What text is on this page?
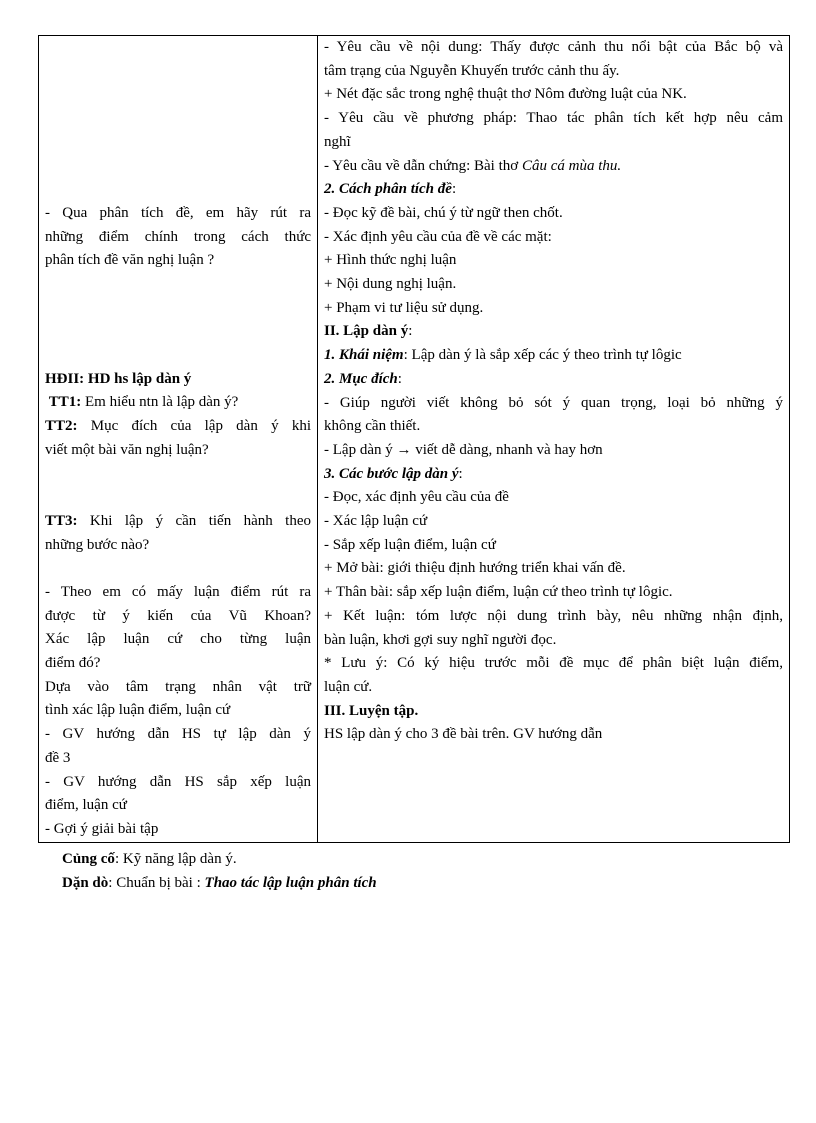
- Qua phân tích đề, em hãy rút ra
những điểm chính trong cách thức
phân tích đề văn nghị luận ?
HĐII: HD hs lập dàn ý
TT1: Em hiểu ntn là lập dàn ý?
TT2: Mục đích của lập dàn ý khi
viết một bài văn nghị luận?
TT3: Khi lập ý cần tiến hành theo
những bước nào?
- Theo em có mấy luận điểm rút ra
được từ ý kiến của Vũ Khoan?
Xác lập luận cứ cho từng luận
điểm đó?
Dựa vào tâm trạng nhân vật trữ
tình xác lập luận điểm, luận cứ
- GV hướng dẫn HS tự lập dàn ý
đề 3
- GV hướng dẫn HS sắp xếp luận
điểm, luận cứ
- Gợi ý giải bài tập

- Yêu cầu về nội dung: Thấy được cảnh thu nổi bật của Bắc bộ và
tâm trạng của Nguyễn Khuyến trước cảnh thu ấy.
+ Nét đặc sắc trong nghệ thuật thơ Nôm đường luật của NK.
- Yêu cầu về phương pháp: Thao tác phân tích kết hợp nêu cảm
nghĩ
- Yêu cầu về dẫn chứng: Bài thơ Câu cá mùa thu.
2. Cách phân tích đề:
- Đọc kỹ đề bài, chú ý từ ngữ then chốt.
- Xác định yêu cầu của đề về các mặt:
+ Hình thức nghị luận
+ Nội dung nghị luận.
+ Phạm vi tư liệu sử dụng.
II. Lập dàn ý:
1. Khái niệm: Lập dàn ý là sắp xếp các ý theo trình tự lôgic
2. Mục đích:
- Giúp người viết không bỏ sót ý quan trọng, loại bỏ những ý
không cần thiết.
- Lập dàn ý → viết dễ dàng, nhanh và hay hơn
3. Các bước lập dàn ý:
- Đọc, xác định yêu cầu của đề
- Xác lập luận cứ
- Sắp xếp luận điểm, luận cứ
+ Mở bài: giới thiệu định hướng triển khai vấn đề.
+ Thân bài: sắp xếp luận điểm, luận cứ theo trình tự lôgic.
+ Kết luận: tóm lược nội dung trình bày, nêu những nhận định,
bàn luận, khơi gợi suy nghĩ người đọc.
* Lưu ý: Có ký hiệu trước mỗi đề mục để phân biệt luận điểm,
luận cứ.
III. Luyện tập.
HS lập dàn ý cho 3 đề bài trên. GV hướng dẫn
Củng cố: Kỹ năng lập dàn ý.
Dặn dò: Chuẩn bị bài : Thao tác lập luận phân tích
